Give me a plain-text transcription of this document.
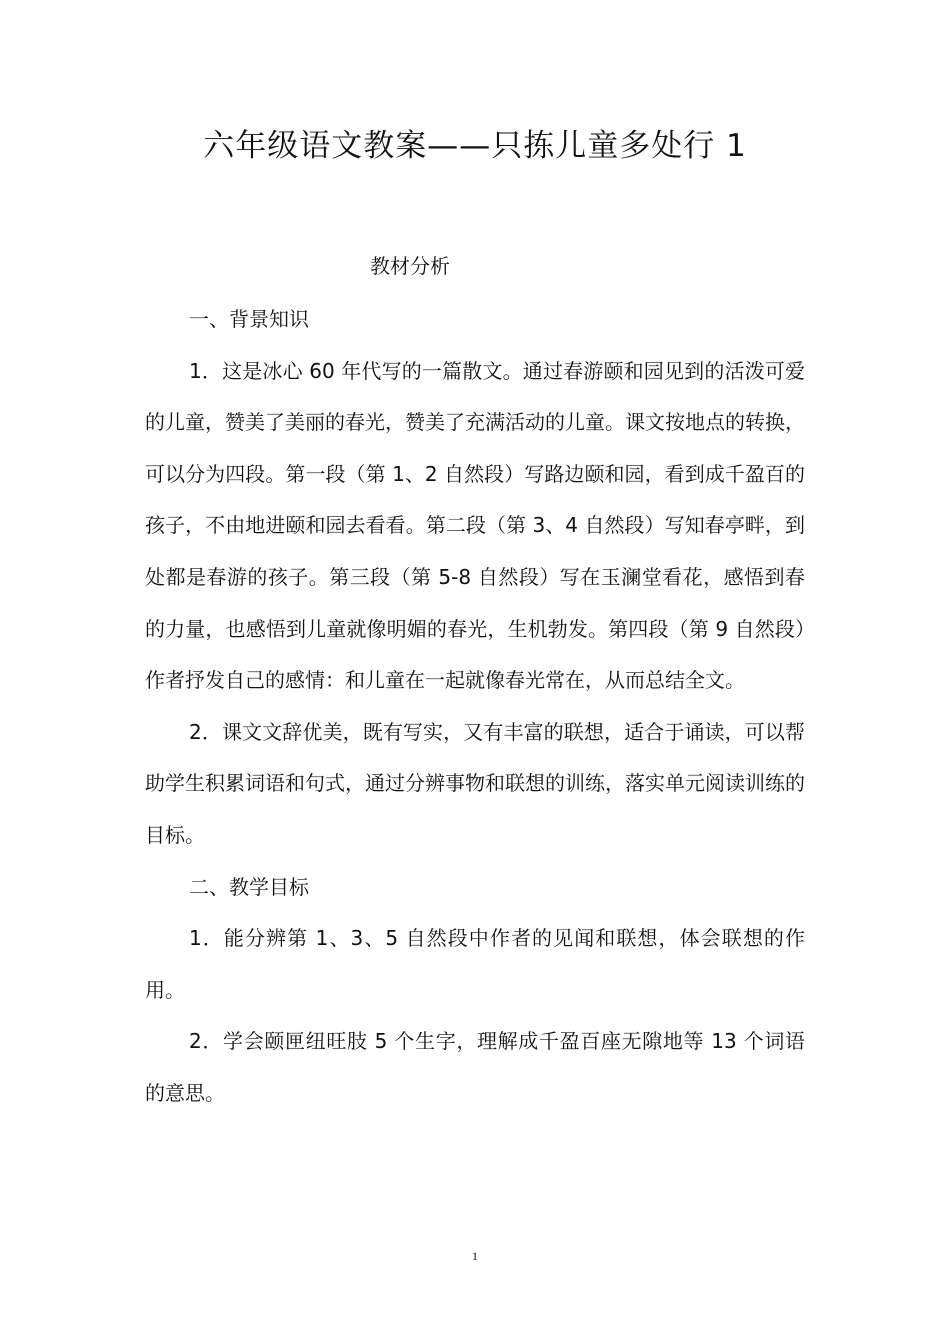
六年级语文教案——只拣儿童多处行 1
教材分析

一、背景知识

1．这是冰心 60 年代写的一篇散文。通过春游颐和园见到的活泼可爱的儿童，赞美了美丽的春光，赞美了充满活动的儿童。课文按地点的转换，可以分为四段。第一段（第 1、2 自然段）写路边颐和园，看到成千盈百的孩子，不由地进颐和园去看看。第二段（第 3、4 自然段）写知春亭畔，到处都是春游的孩子。第三段（第 5-8 自然段）写在玉澜堂看花，感悟到春的力量，也感悟到儿童就像明媚的春光，生机勃发。第四段（第 9 自然段）作者抒发自己的感情：和儿童在一起就像春光常在，从而总结全文。

2．课文文辞优美，既有写实，又有丰富的联想，适合于诵读，可以帮助学生积累词语和句式，通过分辨事物和联想的训练，落实单元阅读训练的目标。

二、教学目标

1．能分辨第 1、3、5 自然段中作者的见闻和联想，体会联想的作用。

2．学会颐匣纽旺肢 5 个生字，理解成千盈百座无隙地等 13 个词语的意思。

1
